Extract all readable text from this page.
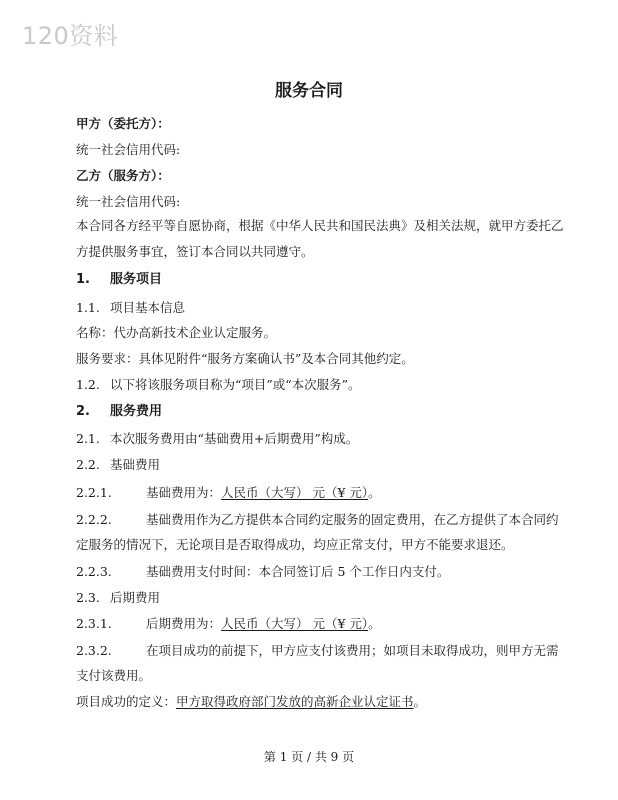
120资料
服务合同
甲方（委托方）：
统一社会信用代码:
乙方（服务方）：
统一社会信用代码:
本合同各方经平等自愿协商，根据《中华人民共和国民法典》及相关法规，就甲方委托乙
方提供服务事宜，签订本合同以共同遵守。
1. 服务项目
1.1. 项目基本信息
名称：代办高新技术企业认定服务。
服务要求：具体见附件“服务方案确认书”及本合同其他约定。
1.2. 以下将该服务项目称为“项目”或“本次服务”。
2. 服务费用
2.1. 本次服务费用由“基础费用+后期费用”构成。
2.2. 基础费用
2.2.1.	基础费用为：人民币（大写） 元（¥ 元）。
2.2.2.	基础费用作为乙方提供本合同约定服务的固定费用，在乙方提供了本合同约
定服务的情况下，无论项目是否取得成功，均应正常支付，甲方不能要求退还。
2.2.3.	基础费用支付时间：本合同签订后 5 个工作日内支付。
2.3. 后期费用
2.3.1.	后期费用为：人民币（大写） 元（¥ 元）。
2.3.2.	在项目成功的前提下，甲方应支付该费用；如项目未取得成功，则甲方无需
支付该费用。
项目成功的定义：甲方取得政府部门发放的高新企业认定证书。
第 1 页 / 共 9 页
